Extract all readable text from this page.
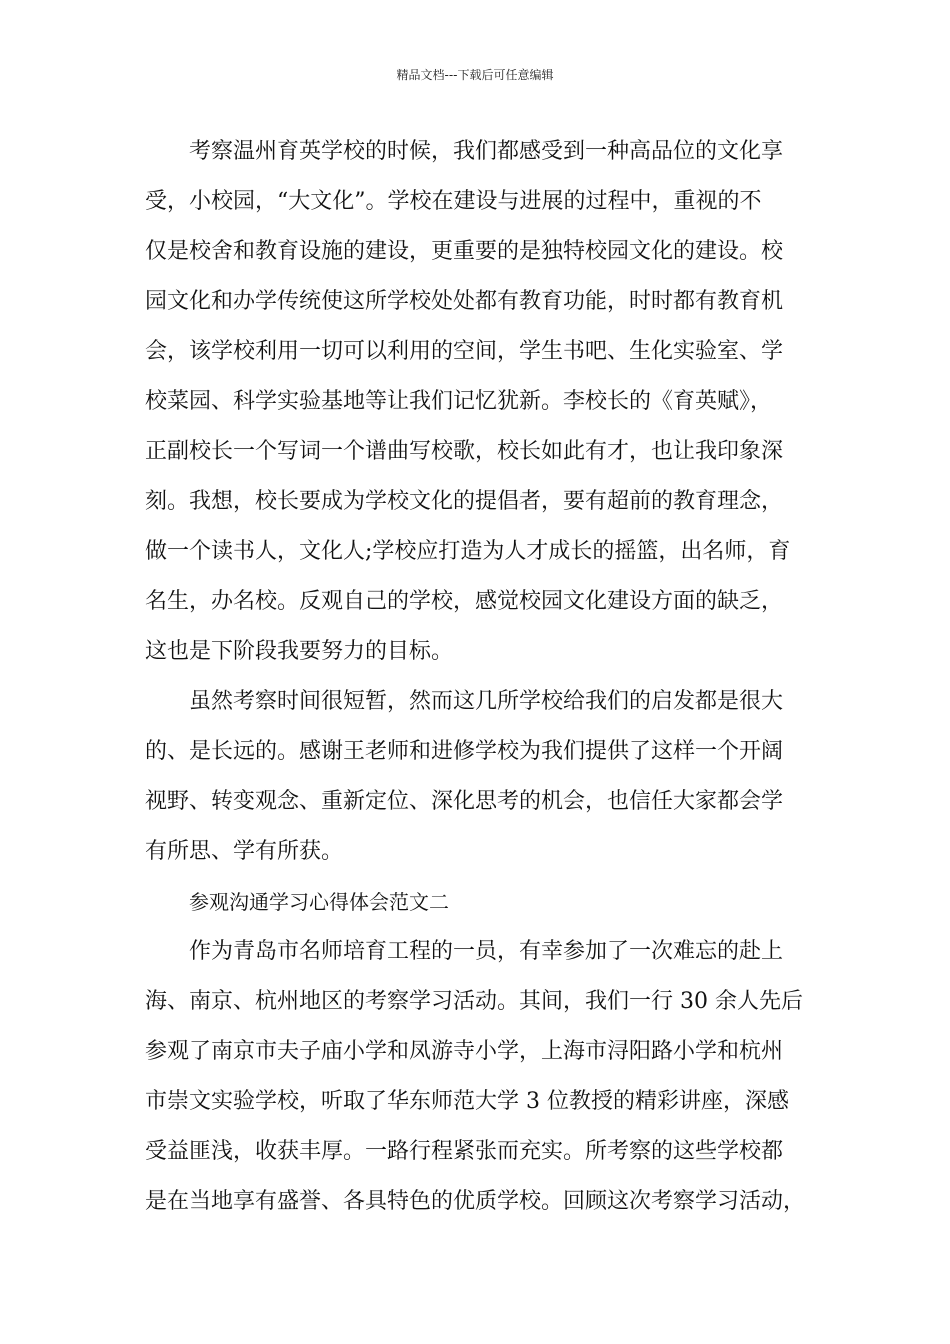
精品文档---下载后可任意编辑
考察温州育英学校的时候，我们都感受到一种高品位的文化享
受，小校园，“大文化”。学校在建设与进展的过程中，重视的不
仅是校舍和教育设施的建设，更重要的是独特校园文化的建设。校
园文化和办学传统使这所学校处处都有教育功能，时时都有教育机
会，该学校利用一切可以利用的空间，学生书吧、生化实验室、学
校菜园、科学实验基地等让我们记忆犹新。李校长的《育英赋》，
正副校长一个写词一个谱曲写校歌，校长如此有才，也让我印象深
刻。我想，校长要成为学校文化的提倡者，要有超前的教育理念，
做一个读书人，文化人;学校应打造为人才成长的摇篮，出名师，育
名生，办名校。反观自己的学校，感觉校园文化建设方面的缺乏，
这也是下阶段我要努力的目标。
虽然考察时间很短暂，然而这几所学校给我们的启发都是很大
的、是长远的。感谢王老师和进修学校为我们提供了这样一个开阔
视野、转变观念、重新定位、深化思考的机会，也信任大家都会学
有所思、学有所获。
参观沟通学习心得体会范文二
作为青岛市名师培育工程的一员，有幸参加了一次难忘的赴上
海、南京、杭州地区的考察学习活动。其间，我们一行 30 余人先后
参观了南京市夫子庙小学和凤游寺小学，上海市浔阳路小学和杭州
市崇文实验学校，听取了华东师范大学 3 位教授的精彩讲座，深感
受益匪浅，收获丰厚。一路行程紧张而充实。所考察的这些学校都
是在当地享有盛誉、各具特色的优质学校。回顾这次考察学习活动，
